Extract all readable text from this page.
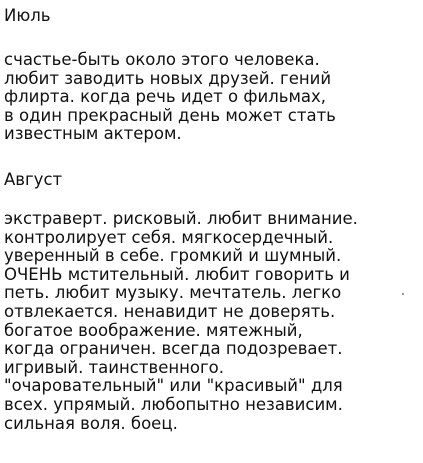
Июль
счастье-быть около этого человека.
любит заводить новых друзей. гений
флирта. когда речь идет о фильмах,
в один прекрасный день может стать
известным актером.
Август
экстраверт. рисковый. любит внимание.
контролирует себя. мягкосердечный.
уверенный в себе. громкий и шумный.
ОЧЕНЬ мстительный. любит говорить и
петь. любит музыку. мечтатель. легко
отвлекается. ненавидит не доверять.
богатое воображение. мятежный,
когда ограничен. всегда подозревает.
игривый. таинственного.
"очаровательный" или "красивый" для
всех. упрямый. любопытно независим.
сильная воля. боец.
